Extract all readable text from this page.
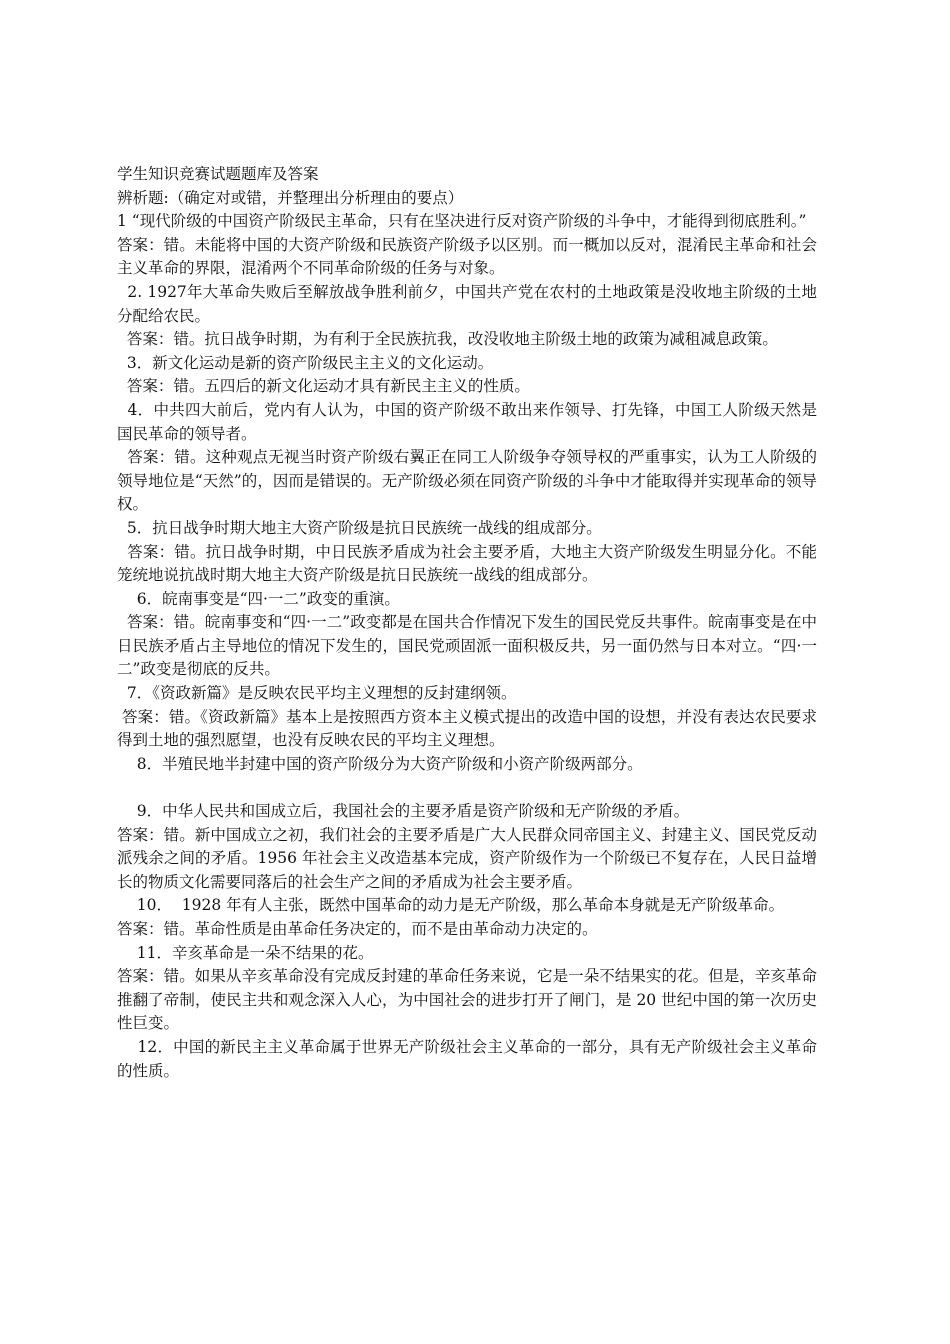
学生知识竞赛试题题库及答案
辨析题:（确定对或错，并整理出分析理由的要点）
1 “现代阶级的中国资产阶级民主革命，只有在坚决进行反对资产阶级的斗争中，才能得到彻底胜利。”
答案：错。未能将中国的大资产阶级和民族资产阶级予以区别。而一概加以反对，混淆民主革命和社会主义革命的界限，混淆两个不同革命阶级的任务与对象。
2. 1927年大革命失败后至解放战争胜利前夕，中国共产党在农村的土地政策是没收地主阶级的土地分配给农民。
答案：错。抗日战争时期，为有利于全民族抗我，改没收地主阶级土地的政策为减租减息政策。
3．新文化运动是新的资产阶级民主主义的文化运动。
答案：错。五四后的新文化运动才具有新民主主义的性质。
4．中共四大前后，党内有人认为，中国的资产阶级不敢出来作领导、打先锋，中国工人阶级天然是国民革命的领导者。
答案：错。这种观点无视当时资产阶级右翼正在同工人阶级争夺领导权的严重事实，认为工人阶级的领导地位是“天然”的，因而是错误的。无产阶级必须在同资产阶级的斗争中才能取得并实现革命的领导权。
5．抗日战争时期大地主大资产阶级是抗日民族统一战线的组成部分。
答案：错。抗日战争时期，中日民族矛盾成为社会主要矛盾，大地主大资产阶级发生明显分化。不能笼统地说抗战时期大地主大资产阶级是抗日民族统一战线的组成部分。
6．皖南事变是“四·一二”政变的重演。
答案：错。皖南事变和“四·一二”政变都是在国共合作情况下发生的国民党反共事件。皖南事变是在中日民族矛盾占主导地位的情况下发生的，国民党顽固派一面积极反共，另一面仍然与日本对立。“四·一二”政变是彻底的反共。
7．《资政新篇》是反映农民平均主义理想的反封建纲领。
答案：错。《资政新篇》基本上是按照西方资本主义模式提出的改造中国的设想，并没有表达农民要求得到土地的强烈愿望，也没有反映农民的平均主义理想。
8．半殖民地半封建中国的资产阶级分为大资产阶级和小资产阶级两部分。
9．中华人民共和国成立后，我国社会的主要矛盾是资产阶级和无产阶级的矛盾。
答案：错。新中国成立之初，我们社会的主要矛盾是广大人民群众同帝国主义、封建主义、国民党反动派残余之间的矛盾。1956 年社会主义改造基本完成，资产阶级作为一个阶级已不复存在，人民日益增长的物质文化需要同落后的社会生产之间的矛盾成为社会主要矛盾。
10．  1928 年有人主张，既然中国革命的动力是无产阶级，那么革命本身就是无产阶级革命。
答案：错。革命性质是由革命任务决定的，而不是由革命动力决定的。
11．辛亥革命是一朵不结果的花。
答案：错。如果从辛亥革命没有完成反封建的革命任务来说，它是一朵不结果实的花。但是，辛亥革命推翻了帝制，使民主共和观念深入人心，为中国社会的进步打开了闸门，是 20 世纪中国的第一次历史性巨变。
12．中国的新民主主义革命属于世界无产阶级社会主义革命的一部分，具有无产阶级社会主义革命的性质。
